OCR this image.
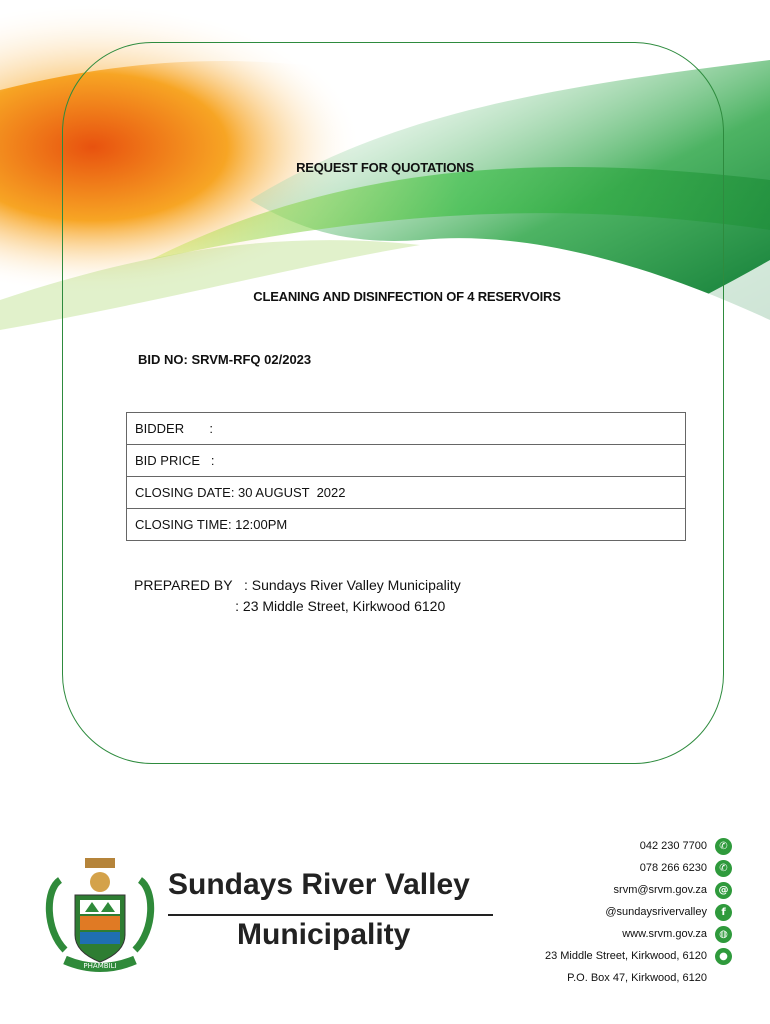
REQUEST FOR QUOTATIONS
CLEANING AND DISINFECTION OF 4 RESERVOIRS
BID NO: SRVM-RFQ 02/2023
BIDDER       :
BID PRICE   :
CLOSING DATE: 30 AUGUST  2022
CLOSING TIME: 12:00PM
PREPARED BY   : Sundays River Valley Municipality
: 23 Middle Street, Kirkwood 6120
PHAMBILI
Sundays River Valley
Municipality
042 230 7700	✆
078 266 6230	✆
srvm@srvm.gov.za	@
@sundaysrivervalley	f
www.srvm.gov.za	◍
23 Middle Street, Kirkwood, 6120	●
P.O. Box 47, Kirkwood, 6120
